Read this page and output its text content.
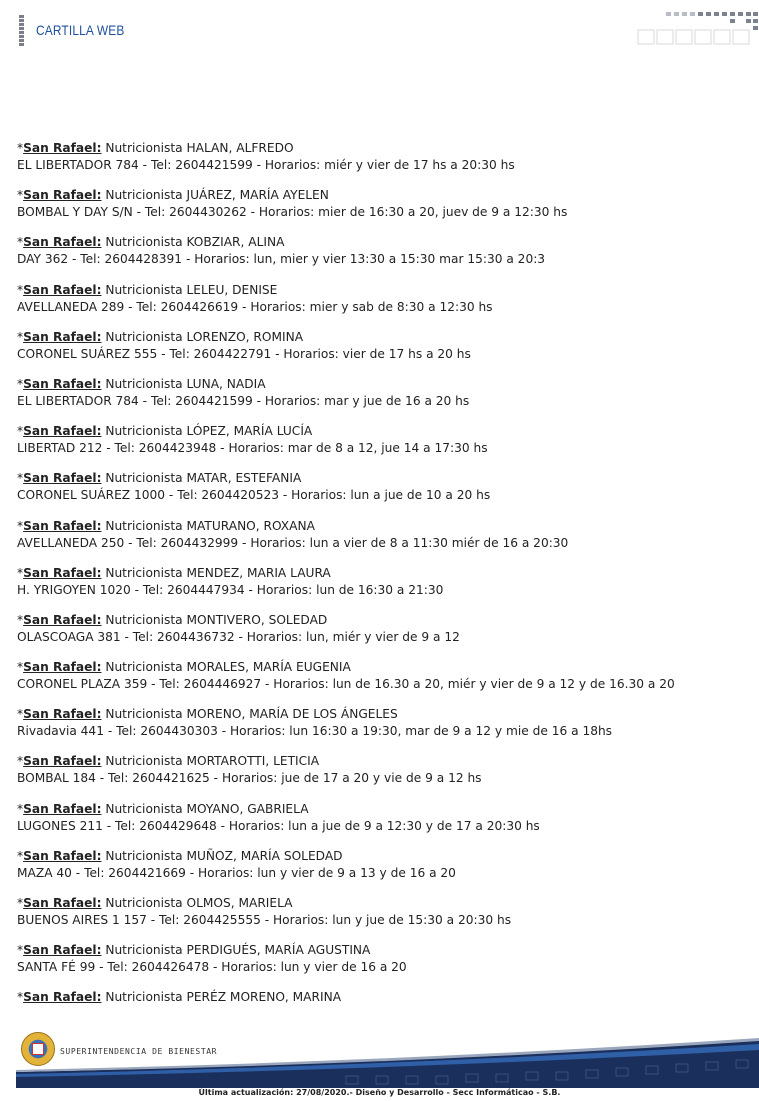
CARTILLA WEB
*San Rafael: Nutricionista HALAN, ALFREDO
EL LIBERTADOR 784 - Tel: 2604421599 - Horarios: miér y vier de 17 hs a 20:30 hs
*San Rafael: Nutricionista JUÁREZ, MARÍA AYELEN
BOMBAL Y DAY S/N - Tel: 2604430262 - Horarios: mier de 16:30 a 20, juev de 9 a 12:30 hs
*San Rafael: Nutricionista KOBZIAR, ALINA
DAY 362 - Tel: 2604428391 - Horarios: lun, mier y vier 13:30 a 15:30 mar 15:30 a 20:3
*San Rafael: Nutricionista LELEU, DENISE
AVELLANEDA 289 - Tel: 2604426619 - Horarios: mier y sab de 8:30 a 12:30 hs
*San Rafael: Nutricionista LORENZO, ROMINA
CORONEL SUÁREZ 555 - Tel: 2604422791 - Horarios: vier de 17 hs a 20 hs
*San Rafael: Nutricionista LUNA, NADIA
EL LIBERTADOR 784 - Tel: 2604421599 - Horarios: mar y jue de 16 a 20 hs
*San Rafael: Nutricionista LÓPEZ, MARÍA LUCÍA
LIBERTAD 212 - Tel: 2604423948 - Horarios: mar de 8 a 12, jue 14 a 17:30 hs
*San Rafael: Nutricionista MATAR, ESTEFANIA
CORONEL SUÁREZ 1000 - Tel: 2604420523 - Horarios: lun a jue de 10 a 20 hs
*San Rafael: Nutricionista MATURANO, ROXANA
AVELLANEDA 250 - Tel: 2604432999 - Horarios: lun a vier de 8 a 11:30 miér de 16 a 20:30
*San Rafael: Nutricionista MENDEZ, MARIA LAURA
H. YRIGOYEN 1020 - Tel: 2604447934 - Horarios: lun de 16:30 a 21:30
*San Rafael: Nutricionista MONTIVERO, SOLEDAD
OLASCOAGA 381 - Tel: 2604436732 - Horarios: lun, miér y vier de 9 a 12
*San Rafael: Nutricionista MORALES, MARÍA EUGENIA
CORONEL PLAZA 359 - Tel: 2604446927 - Horarios: lun de 16.30 a 20, miér y vier de 9 a 12 y de 16.30 a 20
*San Rafael: Nutricionista MORENO, MARÍA DE LOS ÁNGELES
Rivadavia 441 - Tel: 2604430303 - Horarios: lun 16:30 a 19:30, mar de 9 a 12 y mie de 16 a 18hs
*San Rafael: Nutricionista MORTAROTTI, LETICIA
BOMBAL 184 - Tel: 2604421625 - Horarios: jue de 17 a 20 y vie de 9 a 12 hs
*San Rafael: Nutricionista MOYANO, GABRIELA
LUGONES 211 - Tel: 2604429648 - Horarios: lun a jue de 9 a 12:30 y de 17 a 20:30 hs
*San Rafael: Nutricionista MUÑOZ, MARÍA SOLEDAD
MAZA 40 - Tel: 2604421669 - Horarios: lun y vier de 9 a 13 y de 16 a 20
*San Rafael: Nutricionista OLMOS, MARIELA
BUENOS AIRES 1 157 - Tel: 2604425555 - Horarios: lun y jue de 15:30 a 20:30 hs
*San Rafael: Nutricionista PERDIGUÉS, MARÍA AGUSTINA
SANTA FÉ 99 - Tel: 2604426478 - Horarios: lun y vier de 16 a 20
*San Rafael: Nutricionista PERÉZ MORENO, MARINA
SUPERINTENDENCIA DE BIENESTAR
Última actualización: 27/08/2020.- Diseño y Desarrollo - Secc Informáticao - S.B.
